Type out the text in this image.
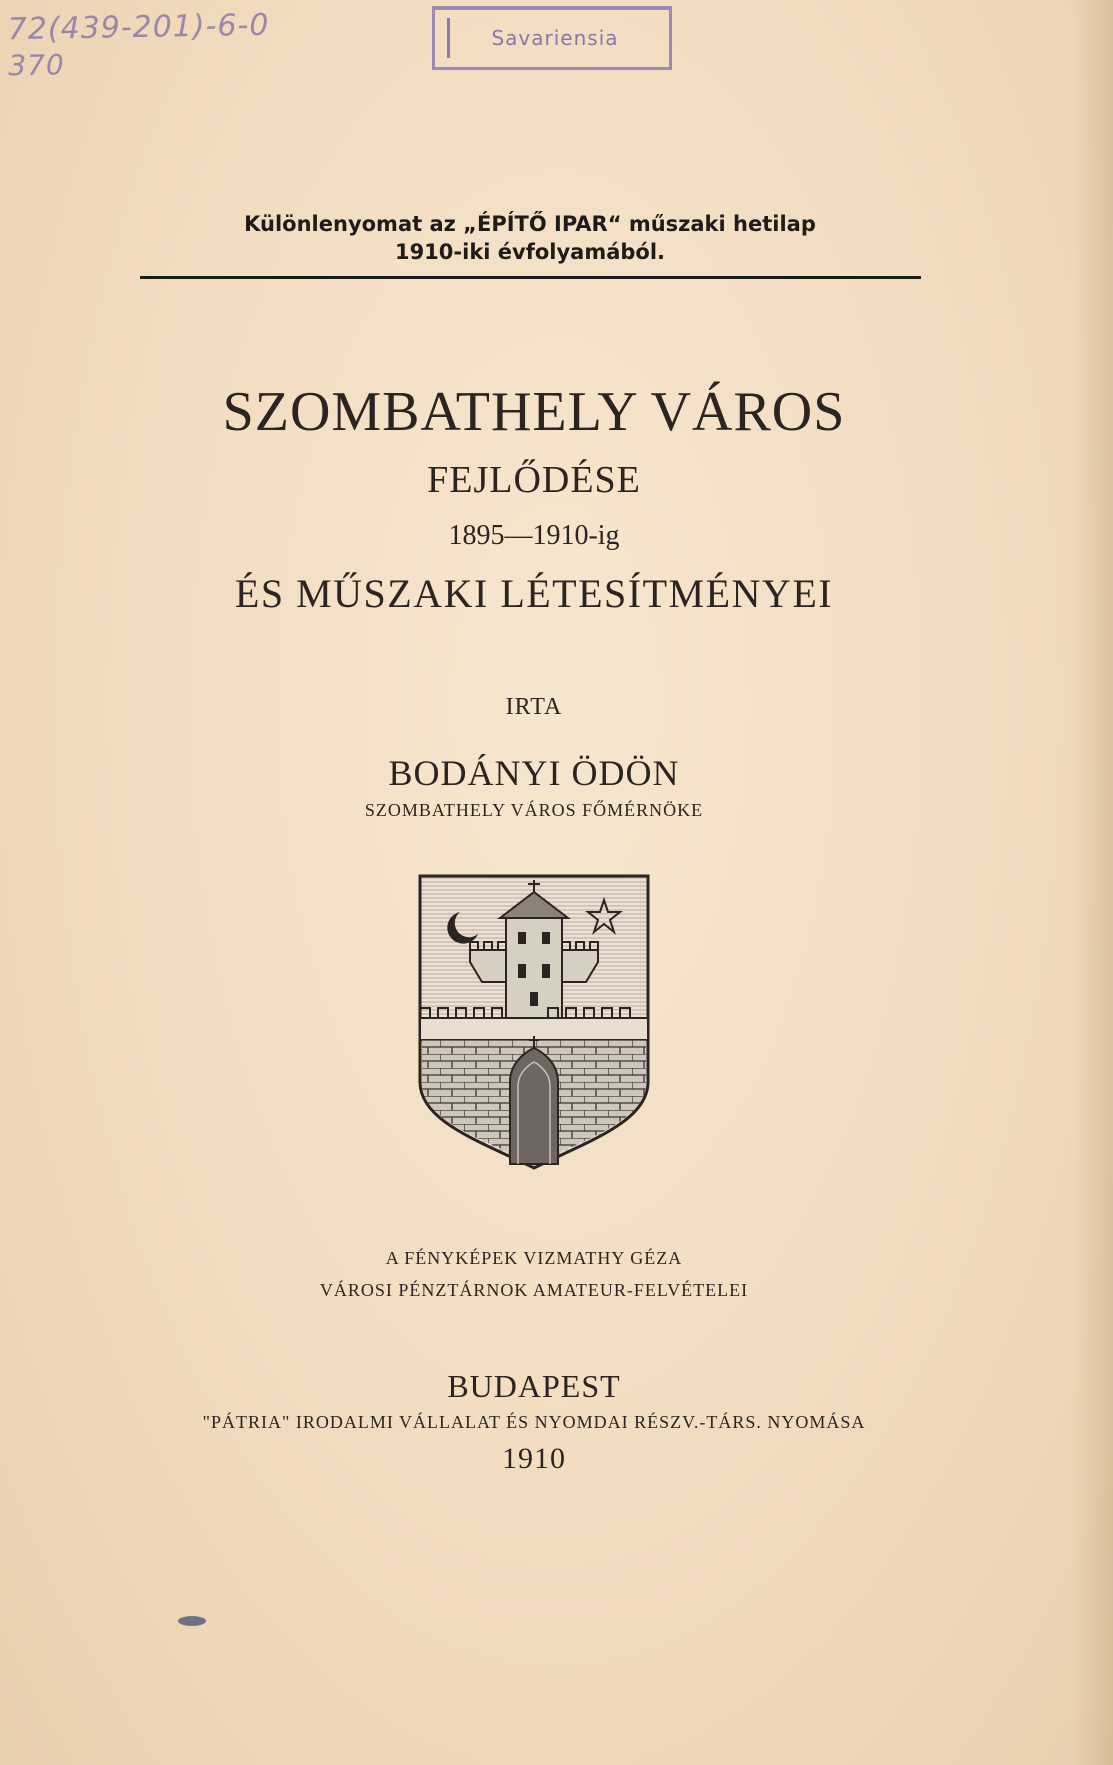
72(439-201)-6-0
370
Savariensia
Különlenyomat az „ÉPÍTŐ IPAR“ műszaki hetilap
1910-iki évfolyamából.
SZOMBATHELY VÁROS
FEJLŐDÉSE
1895—1910-ig
ÉS MŰSZAKI LÉTESÍTMÉNYEI
IRTA
BODÁNYI ÖDÖN
SZOMBATHELY VÁROS FŐMÉRNÖKE
A FÉNYKÉPEK VIZMATHY GÉZA
VÁROSI PÉNZTÁRNOK AMATEUR-FELVÉTELEI
BUDAPEST
"PÁTRIA" IRODALMI VÁLLALAT ÉS NYOMDAI RÉSZV.-TÁRS. NYOMÁSA
1910
